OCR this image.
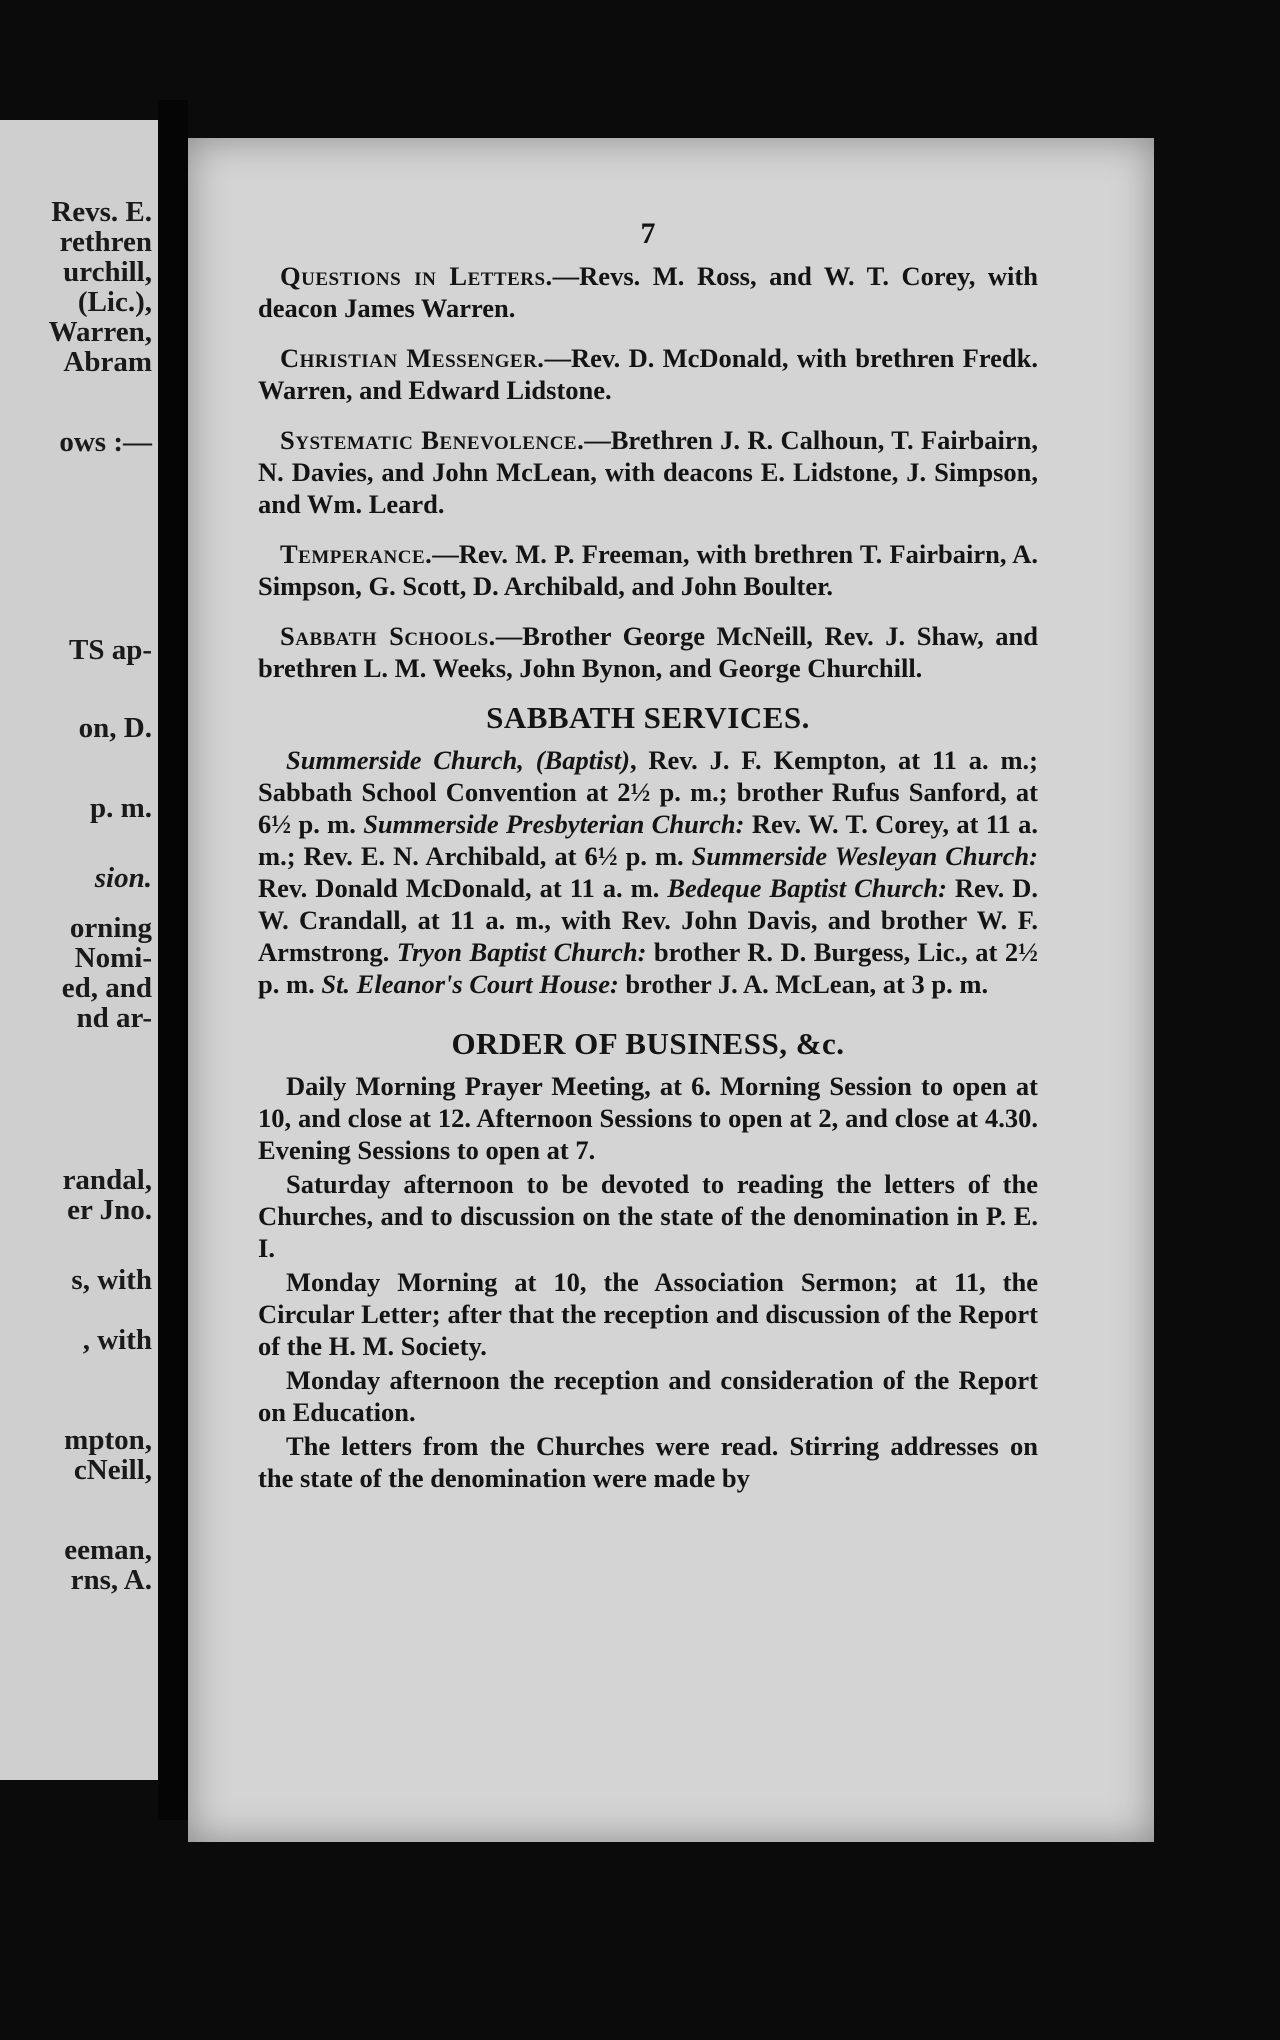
Revs. E.
rethren
urchill,
(Lic.),
Warren,
Abram
ows :—
TS ap-
on, D.
p. m.
sion.
orning
Nomi-
ed, and
nd ar-
randal,
er Jno.
s, with
, with
mpton,
cNeill,
eeman,
rns, A.
7

Questions in Letters.—Revs. M. Ross, and W. T. Corey, with deacon James Warren.

Christian Messenger.—Rev. D. McDonald, with brethren Fredk. Warren, and Edward Lidstone.

Systematic Benevolence.—Brethren J. R. Calhoun, T. Fairbairn, N. Davies, and John McLean, with deacons E. Lidstone, J. Simpson, and Wm. Leard.

Temperance.—Rev. M. P. Freeman, with brethren T. Fairbairn, A. Simpson, G. Scott, D. Archibald, and John Boulter.

Sabbath Schools.—Brother George McNeill, Rev. J. Shaw, and brethren L. M. Weeks, John Bynon, and George Churchill.

SABBATH SERVICES.

Summerside Church, (Baptist), Rev. J. F. Kempton, at 11 a. m.; Sabbath School Convention at 2½ p. m.; brother Rufus Sanford, at 6½ p. m. Summerside Presbyterian Church: Rev. W. T. Corey, at 11 a. m.; Rev. E. N. Archibald, at 6½ p. m. Summerside Wesleyan Church: Rev. Donald McDonald, at 11 a. m. Bedeque Baptist Church: Rev. D. W. Crandall, at 11 a. m., with Rev. John Davis, and brother W. F. Armstrong. Tryon Baptist Church: brother R. D. Burgess, Lic., at 2½ p. m. St. Eleanor's Court House: brother J. A. McLean, at 3 p. m.

ORDER OF BUSINESS, &c.

Daily Morning Prayer Meeting, at 6. Morning Session to open at 10, and close at 12. Afternoon Sessions to open at 2, and close at 4.30. Evening Sessions to open at 7.

Saturday afternoon to be devoted to reading the letters of the Churches, and to discussion on the state of the denomination in P. E. I.

Monday Morning at 10, the Association Sermon; at 11, the Circular Letter; after that the reception and discussion of the Report of the H. M. Society.

Monday afternoon the reception and consideration of the Report on Education.

The letters from the Churches were read. Stirring addresses on the state of the denomination were made by
